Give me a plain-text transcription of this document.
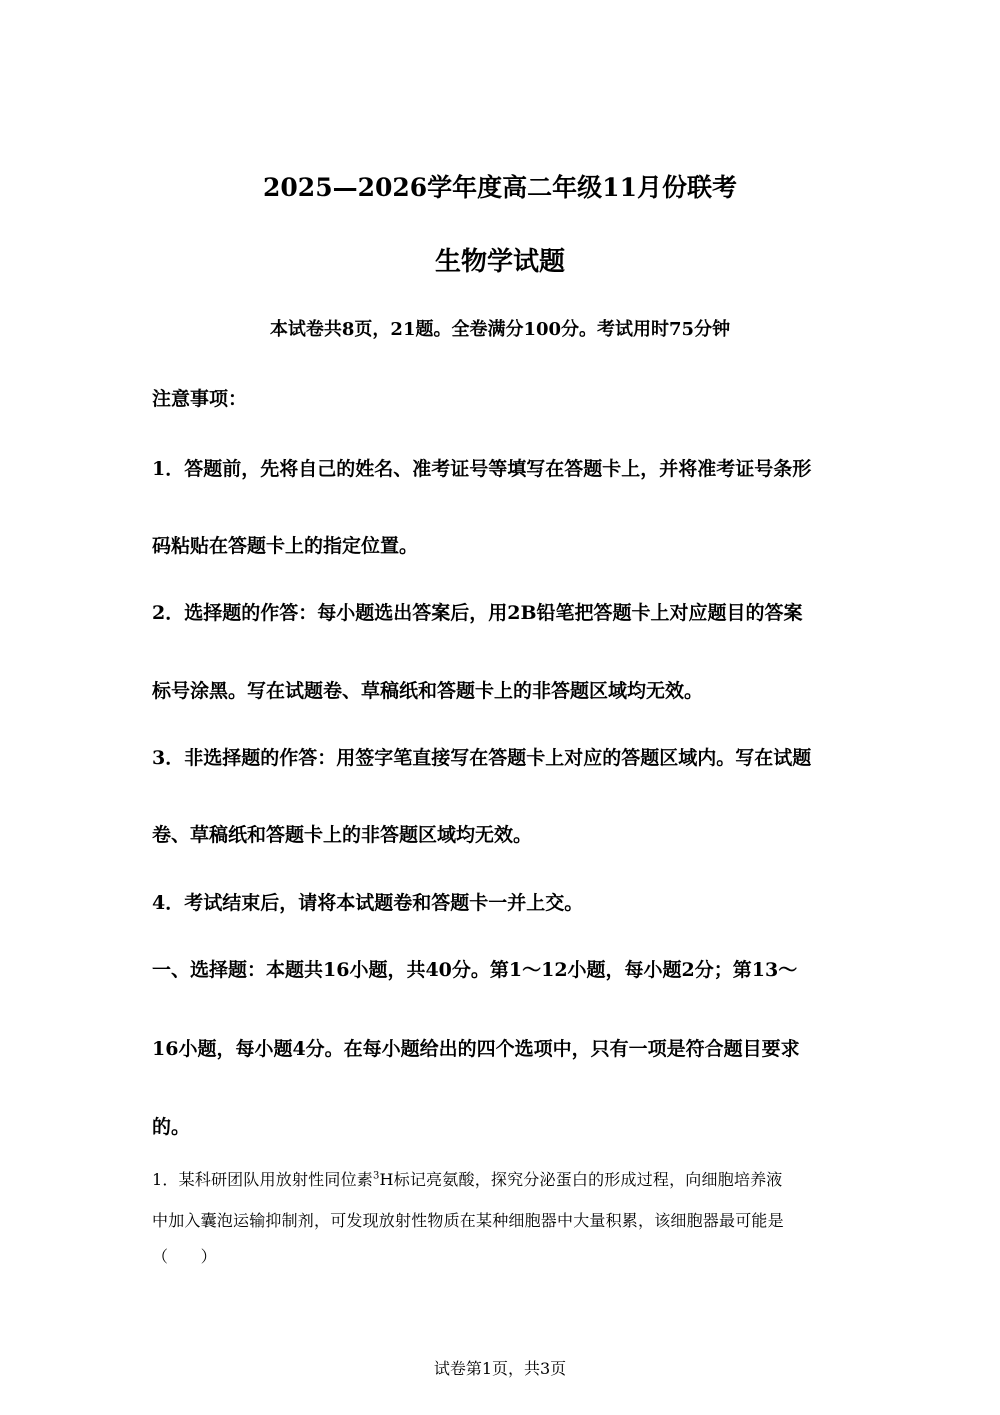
2025—2026学年度高二年级11月份联考
生物学试题
本试卷共8页，21题。全卷满分100分。考试用时75分钟
注意事项：
1．答题前，先将自己的姓名、准考证号等填写在答题卡上，并将准考证号条形
码粘贴在答题卡上的指定位置。
2．选择题的作答：每小题选出答案后，用2B铅笔把答题卡上对应题目的答案
标号涂黑。写在试题卷、草稿纸和答题卡上的非答题区域均无效。
3．非选择题的作答：用签字笔直接写在答题卡上对应的答题区域内。写在试题
卷、草稿纸和答题卡上的非答题区域均无效。
4．考试结束后，请将本试题卷和答题卡一并上交。
一、选择题：本题共16小题，共40分。第1～12小题，每小题2分；第13～
16小题，每小题4分。在每小题给出的四个选项中，只有一项是符合题目要求
的。
1．某科研团队用放射性同位素$^3$H标记亮氨酸，探究分泌蛋白的形成过程，向细胞培养液
中加入囊泡运输抑制剂，可发现放射性物质在某种细胞器中大量积累，该细胞器最可能是
（　　）
试卷第1页，共3页
